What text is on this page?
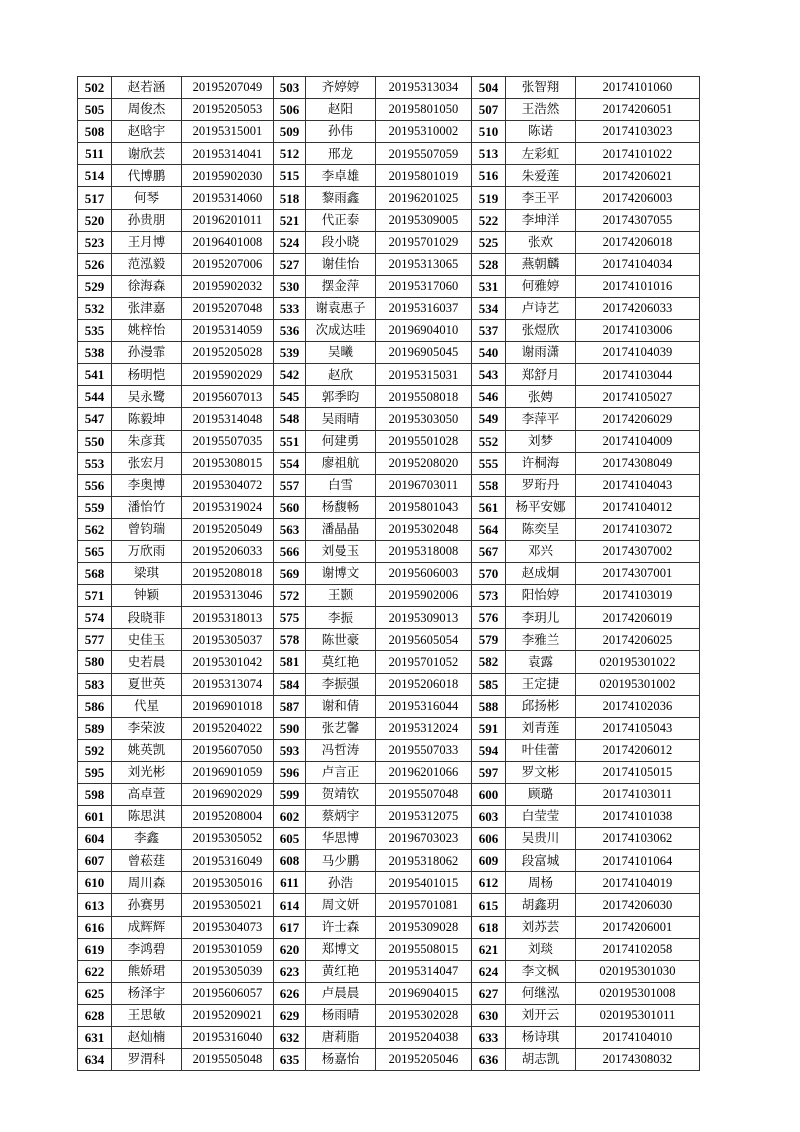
502	赵若涵	20195207049	503	齐婷婷	20195313034	504	张智翔	20174101060
505	周俊杰	20195205053	506	赵阳	20195801050	507	王浩然	20174206051
508	赵晗宇	20195315001	509	孙伟	20195310002	510	陈诺	20174103023
511	谢欣芸	20195314041	512	邢龙	20195507059	513	左彩虹	20174101022
514	代博鹏	20195902030	515	李卓雄	20195801019	516	朱爱莲	20174206021
517	何琴	20195314060	518	黎雨鑫	20196201025	519	李王平	20174206003
520	孙贵朋	20196201011	521	代正泰	20195309005	522	李坤洋	20174307055
523	王月博	20196401008	524	段小晓	20195701029	525	张欢	20174206018
526	范泓毅	20195207006	527	谢佳怡	20195313065	528	燕朝麟	20174104034
529	徐海森	20195902032	530	摆金萍	20195317060	531	何雅婷	20174101016
532	张津嘉	20195207048	533	谢袁惠子	20195316037	534	卢诗艺	20174206033
535	姚梓怡	20195314059	536	次成达哇	20196904010	537	张煜欣	20174103006
538	孙漫霏	20195205028	539	吴曦	20196905045	540	谢雨潇	20174104039
541	杨明恺	20195902029	542	赵欣	20195315031	543	郑舒月	20174103044
544	吴永鹭	20195607013	545	郭季昀	20195508018	546	张娉	20174105027
547	陈毅坤	20195314048	548	吴雨晴	20195303050	549	李萍平	20174206029
550	朱彦萁	20195507035	551	何建勇	20195501028	552	刘梦	20174104009
553	张宏月	20195308015	554	廖祖航	20195208020	555	许桐海	20174308049
556	李奥博	20195304072	557	白雪	20196703011	558	罗珩丹	20174104043
559	潘怡竹	20195319024	560	杨馥畅	20195801043	561	杨平安娜	20174104012
562	曾钧瑞	20195205049	563	潘晶晶	20195302048	564	陈奕呈	20174103072
565	万欣雨	20195206033	566	刘曼玉	20195318008	567	邓兴	20174307002
568	梁琪	20195208018	569	谢博文	20195606003	570	赵成炯	20174307001
571	钟颖	20195313046	572	王颢	20195902006	573	阳怡婷	20174103019
574	段晓菲	20195318013	575	李振	20195309013	576	李玥儿	20174206019
577	史佳玉	20195305037	578	陈世豪	20195605054	579	李雅兰	20174206025
580	史若晨	20195301042	581	莫红艳	20195701052	582	袁露	020195301022
583	夏世英	20195313074	584	李振强	20195206018	585	王定捷	020195301002
586	代星	20196901018	587	谢和倩	20195316044	588	邱扬彬	20174102036
589	李荣波	20195204022	590	张艺馨	20195312024	591	刘青莲	20174105043
592	姚英凯	20195607050	593	冯哲涛	20195507033	594	叶佳蕾	20174206012
595	刘光彬	20196901059	596	卢言正	20196201066	597	罗文彬	20174105015
598	高卓萱	20196902029	599	贺靖钦	20195507048	600	顾璐	20174103011
601	陈思淇	20195208004	602	蔡炳宇	20195312075	603	白莹莹	20174101038
604	李鑫	20195305052	605	华思博	20196703023	606	吴贵川	20174103062
607	曾菘莛	20195316049	608	马少鹏	20195318062	609	段富城	20174101064
610	周川森	20195305016	611	孙浩	20195401015	612	周杨	20174104019
613	孙赛男	20195305021	614	周文妍	20195701081	615	胡鑫玥	20174206030
616	成辉辉	20195304073	617	许士森	20195309028	618	刘苏芸	20174206001
619	李鸿碧	20195301059	620	郑博文	20195508015	621	刘琰	20174102058
622	熊娇珺	20195305039	623	黄红艳	20195314047	624	李文枫	020195301030
625	杨泽宇	20195606057	626	卢晨晨	20196904015	627	何继泓	020195301008
628	王思敏	20195209021	629	杨雨晴	20195302028	630	刘开云	020195301011
631	赵灿楠	20195316040	632	唐莉脂	20195204038	633	杨诗琪	20174104010
634	罗渭科	20195505048	635	杨嘉怡	20195205046	636	胡志凯	20174308032
